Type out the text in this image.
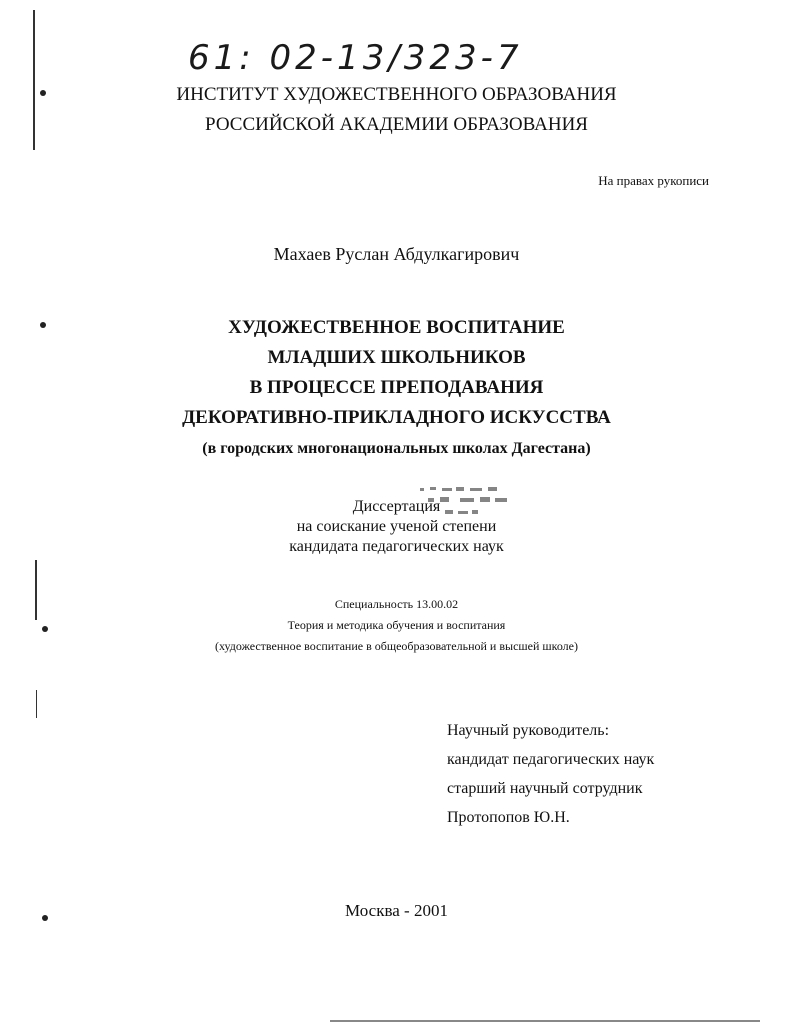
61: 02-13/323-7
ИНСТИТУТ ХУДОЖЕСТВЕННОГО ОБРАЗОВАНИЯ
РОССИЙСКОЙ АКАДЕМИИ ОБРАЗОВАНИЯ
На правах рукописи
Махаев Руслан Абдулкагирович
ХУДОЖЕСТВЕННОЕ ВОСПИТАНИЕ
МЛАДШИХ ШКОЛЬНИКОВ
В ПРОЦЕССЕ ПРЕПОДАВАНИЯ
ДЕКОРАТИВНО-ПРИКЛАДНОГО ИСКУССТВА
(в городских многонациональных школах Дагестана)
Диссертация
на соискание ученой степени
кандидата педагогических наук
Специальность 13.00.02
Теория и методика обучения и воспитания
(художественное воспитание в общеобразовательной и высшей школе)
Научный руководитель:
кандидат педагогических наук
старший научный сотрудник
Протопопов Ю.Н.
Москва - 2001
